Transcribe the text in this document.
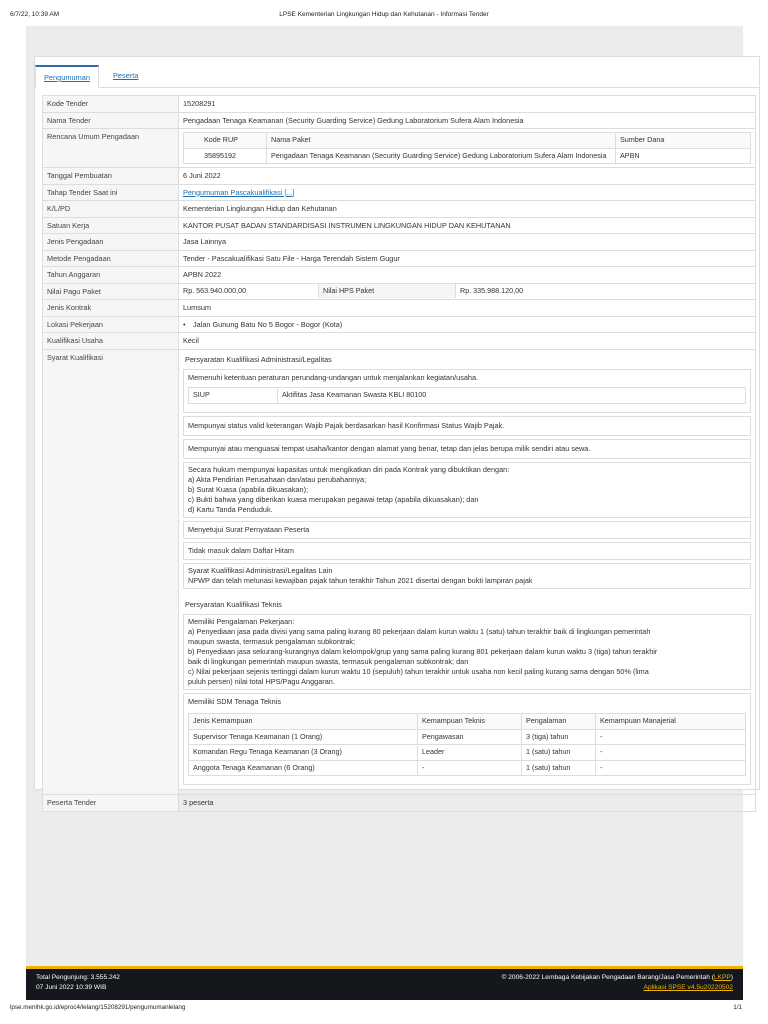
6/7/22, 10:39 AM	LPSE Kementerian Lingkungan Hidup dan Kehutanan - Informasi Tender
Pengumuman	Peserta
Kode Tender	15208291
Nama Tender	Pengadaan Tenaga Keamanan (Security Guarding Service) Gedung Laboratorium Sufera Alam Indonesia
Rencana Umum Pengadaan		Kode RUP	Nama Paket	Sumber Dana
35895192	Pengadaan Tenaga Keamanan (Security Guarding Service) Gedung Laboratorium Sufera Alam Indonesia	APBN

Tanggal Pembuatan	6 Juni 2022
Tahap Tender Saat ini	Pengumuman Pascakualifikasi [...]
K/L/PD	Kementerian Lingkungan Hidup dan Kehutanan
Satuan Kerja	KANTOR PUSAT BADAN STANDARDISASI INSTRUMEN LINGKUNGAN HIDUP DAN KEHUTANAN
Jenis Pengadaan	Jasa Lainnya
Metode Pengadaan	Tender - Pascakualifikasi Satu File - Harga Terendah Sistem Gugur
Tahun Anggaran	APBN 2022
Nilai Pagu Paket		Rp. 563.940.000,00	Nilai HPS Paket	Rp. 335.988.120,00

Jenis Kontrak	Lumsum
Lokasi Pekerjaan	• Jalan Gunung Batu No 5 Bogor - Bogor (Kota)
Kualifikasi Usaha	Kecil
Syarat Kualifikasi	Persyaratan Kualifikasi Administrasi/Legalitas
Memenuhi ketentuan peraturan perundang-undangan untuk menjalankan kegiatan/usaha.
SIUP	Aktifitas Jasa Keamanan Swasta KBLI 80100
Mempunyai status valid keterangan Wajib Pajak berdasarkan hasil Konfirmasi Status Wajib Pajak.
Mempunyai atau menguasai tempat usaha/kantor dengan alamat yang benar, tetap dan jelas berupa milik sendiri atau sewa.
Secara hukum mempunyai kapasitas untuk mengikatkan diri pada Kontrak yang dibuktikan dengan:
a) Akta Pendirian Perusahaan dan/atau perubahannya;
b) Surat Kuasa (apabila dikuasakan);
c) Bukti bahwa yang diberikan kuasa merupakan pegawai tetap (apabila dikuasakan); dan
d) Kartu Tanda Penduduk.
Menyetujui Surat Pernyataan Peserta
Tidak masuk dalam Daftar Hitam
Syarat Kualifikasi Administrasi/Legalitas Lain
NPWP dan telah melunasi kewajiban pajak tahun terakhir Tahun 2021 disertai dengan bukti lampiran pajak
Persyaratan Kualifikasi Teknis
Memiliki Pengalaman Pekerjaan:
a) Penyediaan jasa pada divisi yang sama paling kurang 80 pekerjaan dalam kurun waktu 1 (satu) tahun terakhir baik di lingkungan pemerintah
maupun swasta, termasuk pengalaman subkontrak;
b) Penyediaan jasa sekurang-kurangnya dalam kelompok/grup yang sama paling kurang 801 pekerjaan dalam kurun waktu 3 (tiga) tahun terakhir
baik di lingkungan pemerintah maupun swasta, termasuk pengalaman subkontrak; dan
c) Nilai pekerjaan sejenis tertinggi dalam kurun waktu 10 (sepuluh) tahun terakhir untuk usaha non kecil paling kurang sama dengan 50% (lima
puluh persen) nilai total HPS/Pagu Anggaran.
Memiliki SDM Tenaga Teknis
Jenis Kemampuan	Kemampuan Teknis	Pengalaman	Kemampuan Manajerial
Supervisor Tenaga Keamanan (1 Orang)	Pengawasan	3 (tiga) tahun	-
Komandan Regu Tenaga Keamanan (3 Orang)	Leader	1 (satu) tahun	-
Anggota Tenaga Keamanan (6 Orang)	-	1 (satu) tahun	-

Peserta Tender	3 peserta
Total Pengunjung: 3.555.242
07 Juni 2022 10:39 WIB
© 2006-2022 Lembaga Kebijakan Pengadaan Barang/Jasa Pemerintah (LKPP)
Aplikasi SPSE v4.5u20220502
lpse.menlhk.go.id/eproc4/lelang/15208291/pengumumanlelang	1/1
